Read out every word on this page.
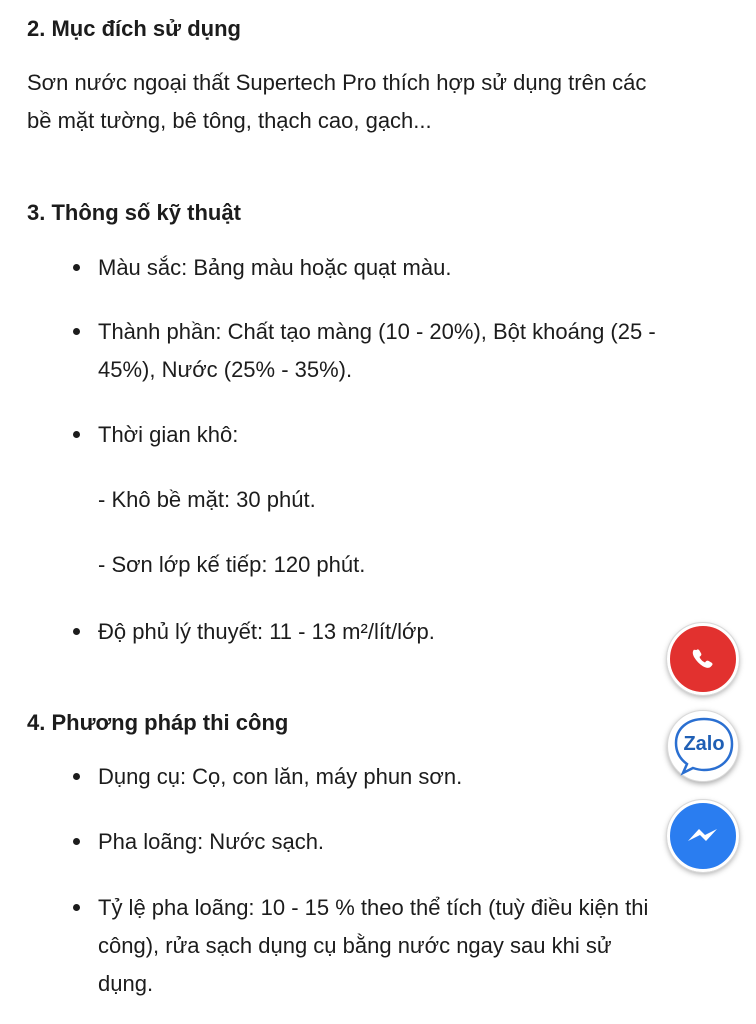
2. Mục đích sử dụng

Sơn nước ngoại thất Supertech Pro thích hợp sử dụng trên các
bề mặt tường, bê tông, thạch cao, gạch...

3. Thông số kỹ thuật
Màu sắc: Bảng màu hoặc quạt màu.
Thành phần: Chất tạo màng (10 - 20%), Bột khoáng (25 -
45%), Nước (25% - 35%).
Thời gian khô:

- Khô bề mặt: 30 phút.

- Sơn lớp kế tiếp: 120 phút.

Độ phủ lý thuyết: 11 - 13 m²/lít/lớp.
4. Phương pháp thi công
Dụng cụ: Cọ, con lăn, máy phun sơn.
Pha loãng: Nước sạch.
Tỷ lệ pha loãng: 10 - 15 % theo thể tích (tuỳ điều kiện thi
công), rửa sạch dụng cụ bằng nước ngay sau khi sử
dụng.
Zalo
